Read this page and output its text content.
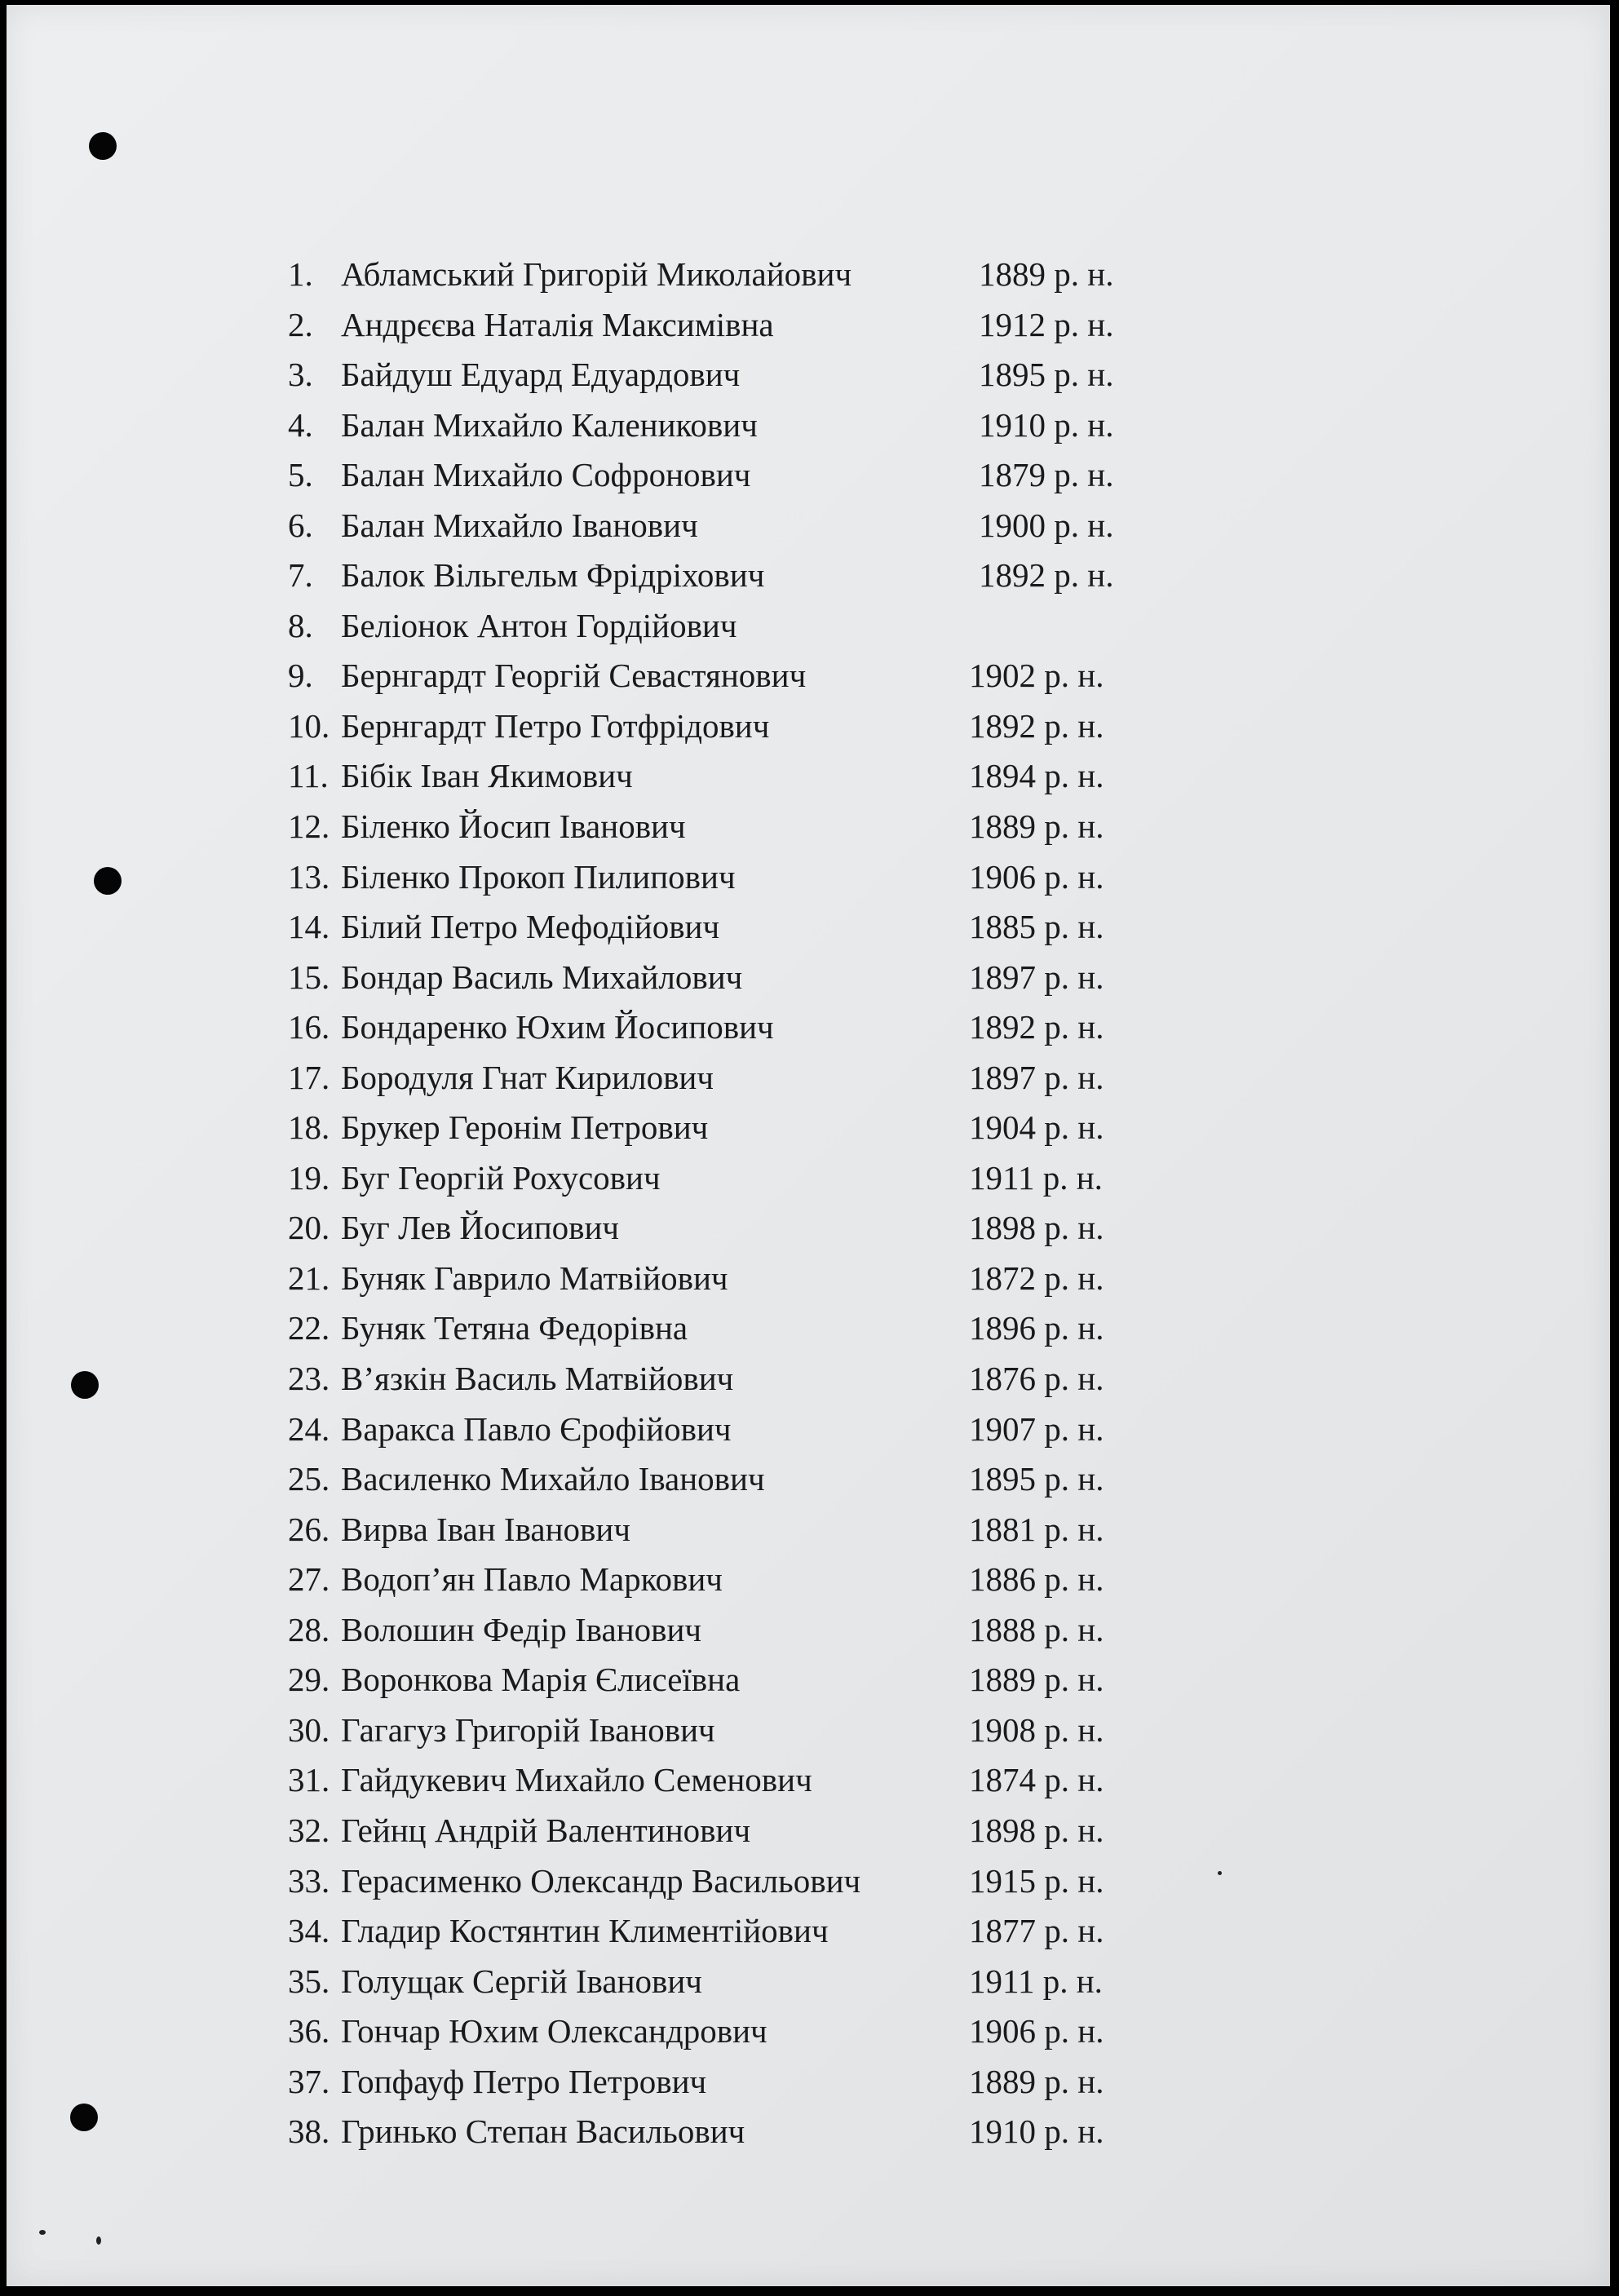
1. Абламський Григорій Миколайович	1889 р. н.
2. Андрєєва Наталія Максимівна	1912 р. н.
3. Байдуш Едуард Едуардович	1895 р. н.
4. Балан Михайло Каленикович	1910 р. н.
5. Балан Михайло Софронович	1879 р. н.
6. Балан Михайло Іванович	1900 р. н.
7. Балок Вільгельм Фрідріхович	1892 р. н.
8. Беліонок Антон Гордійович
9. Бернгардт Георгій Севастянович	1902 р. н.
10. Бернгардт Петро Готфрідович	1892 р. н.
11. Бібік Іван Якимович	1894 р. н.
12. Біленко Йосип Іванович	1889 р. н.
13. Біленко Прокоп Пилипович	1906 р. н.
14. Білий Петро Мефодійович	1885 р. н.
15. Бондар Василь Михайлович	1897 р. н.
16. Бондаренко Юхим Йосипович	1892 р. н.
17. Бородуля Гнат Кирилович	1897 р. н.
18. Брукер Геронім Петрович	1904 р. н.
19. Буг Георгій Рохусович	1911 р. н.
20. Буг Лев Йосипович	1898 р. н.
21. Буняк Гаврило Матвійович	1872 р. н.
22. Буняк Тетяна Федорівна	1896 р. н.
23. В’язкін Василь Матвійович	1876 р. н.
24. Варакса Павло Єрофійович	1907 р. н.
25. Василенко Михайло Іванович	1895 р. н.
26. Вирва Іван Іванович	1881 р. н.
27. Водоп’ян Павло Маркович	1886 р. н.
28. Волошин Федір Іванович	1888 р. н.
29. Воронкова Марія Єлисеївна	1889 р. н.
30. Гагагуз Григорій Іванович	1908 р. н.
31. Гайдукевич Михайло Семенович	1874 р. н.
32. Гейнц Андрій Валентинович	1898 р. н.
33. Герасименко Олександр Васильович	1915 р. н.
34. Гладир Костянтин Климентійович	1877 р. н.
35. Голущак Сергій Іванович	1911 р. н.
36. Гончар Юхим Олександрович	1906 р. н.
37. Гопфауф Петро Петрович	1889 р. н.
38. Гринько Степан Васильович	1910 р. н.
